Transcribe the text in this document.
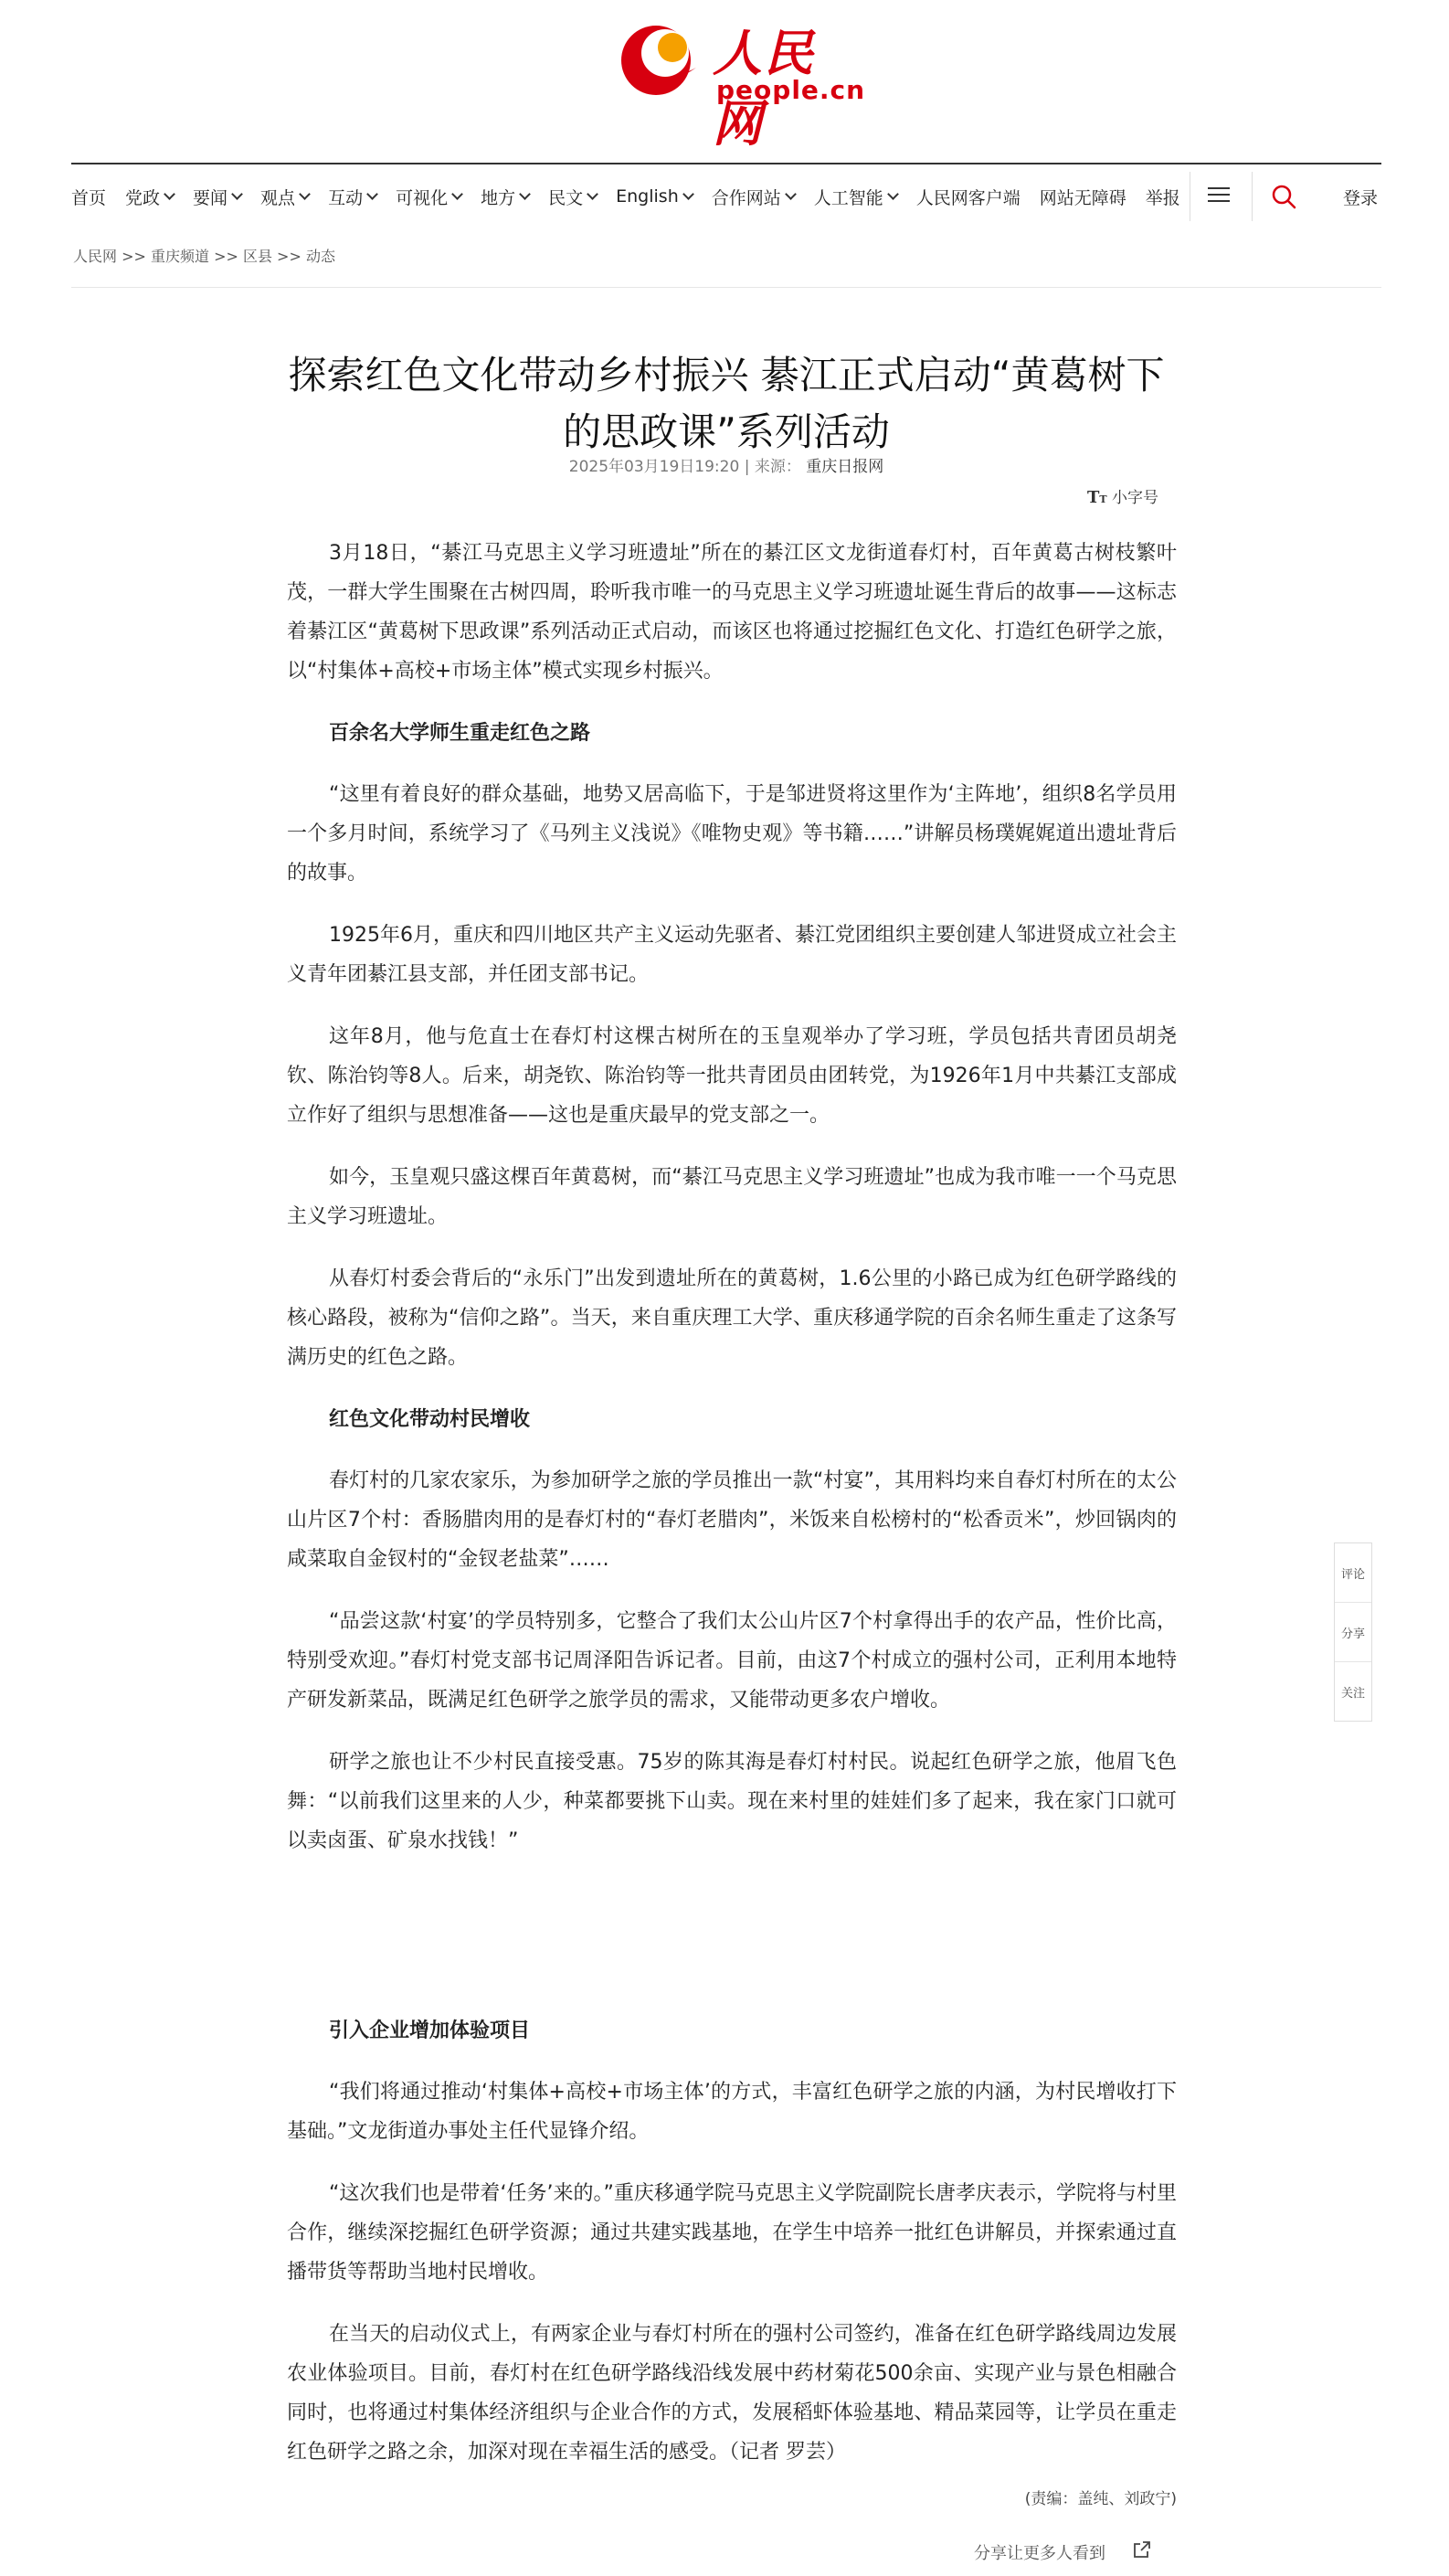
人民网
people.cn
首页 党政 要闻 观点 互动 可视化 地方 民文 English 合作网站 人工智能 人民网客户端 网站无障碍 举报	登录
人民网 >> 重庆频道 >> 区县 >> 动态
探索红色文化带动乡村振兴 綦江正式启动“黄葛树下的思政课”系列活动
2025年03月19日19:20 | 来源： 重庆日报网
TT 小字号

3月18日，“綦江马克思主义学习班遗址”所在的綦江区文龙街道春灯村，百年黄葛古树枝繁叶茂，一群大学生围聚在古树四周，聆听我市唯一的马克思主义学习班遗址诞生背后的故事——这标志着綦江区“黄葛树下思政课”系列活动正式启动，而该区也将通过挖掘红色文化、打造红色研学之旅，以“村集体+高校+市场主体”模式实现乡村振兴。

百余名大学师生重走红色之路

“这里有着良好的群众基础，地势又居高临下，于是邹进贤将这里作为‘主阵地’，组织8名学员用一个多月时间，系统学习了《马列主义浅说》《唯物史观》等书籍……”讲解员杨璞娓娓道出遗址背后的故事。

1925年6月，重庆和四川地区共产主义运动先驱者、綦江党团组织主要创建人邹进贤成立社会主义青年团綦江县支部，并任团支部书记。

这年8月，他与危直士在春灯村这棵古树所在的玉皇观举办了学习班，学员包括共青团员胡尧钦、陈治钧等8人。后来，胡尧钦、陈治钧等一批共青团员由团转党，为1926年1月中共綦江支部成立作好了组织与思想准备——这也是重庆最早的党支部之一。

如今，玉皇观只盛这棵百年黄葛树，而“綦江马克思主义学习班遗址”也成为我市唯一一个马克思主义学习班遗址。

从春灯村委会背后的“永乐门”出发到遗址所在的黄葛树，1.6公里的小路已成为红色研学路线的核心路段，被称为“信仰之路”。当天，来自重庆理工大学、重庆移通学院的百余名师生重走了这条写满历史的红色之路。

红色文化带动村民增收

春灯村的几家农家乐，为参加研学之旅的学员推出一款“村宴”，其用料均来自春灯村所在的太公山片区7个村：香肠腊肉用的是春灯村的“春灯老腊肉”，米饭来自松榜村的“松香贡米”，炒回锅肉的咸菜取自金钗村的“金钗老盐菜”……

“品尝这款‘村宴’的学员特别多，它整合了我们太公山片区7个村拿得出手的农产品，性价比高，特别受欢迎。”春灯村党支部书记周泽阳告诉记者。目前，由这7个村成立的强村公司，正利用本地特产研发新菜品，既满足红色研学之旅学员的需求，又能带动更多农户增收。

研学之旅也让不少村民直接受惠。75岁的陈其海是春灯村村民。说起红色研学之旅，他眉飞色舞：“以前我们这里来的人少，种菜都要挑下山卖。现在来村里的娃娃们多了起来，我在家门口就可以卖卤蛋、矿泉水找钱！”

引入企业增加体验项目

“我们将通过推动‘村集体+高校+市场主体’的方式，丰富红色研学之旅的内涵，为村民增收打下基础。”文龙街道办事处主任代显锋介绍。

“这次我们也是带着‘任务’来的。”重庆移通学院马克思主义学院副院长唐孝庆表示，学院将与村里合作，继续深挖掘红色研学资源；通过共建实践基地，在学生中培养一批红色讲解员，并探索通过直播带货等帮助当地村民增收。

在当天的启动仪式上，有两家企业与春灯村所在的强村公司签约，准备在红色研学路线周边发展农业体验项目。目前，春灯村在红色研学路线沿线发展中药材菊花500余亩、实现产业与景色相融合同时，也将通过村集体经济组织与企业合作的方式，发展稻虾体验基地、精品菜园等，让学员在重走红色研学之路之余，加深对现在幸福生活的感受。（记者 罗芸）

(责编：盖纯、刘政宁)
分享让更多人看到
评论
分享
关注
